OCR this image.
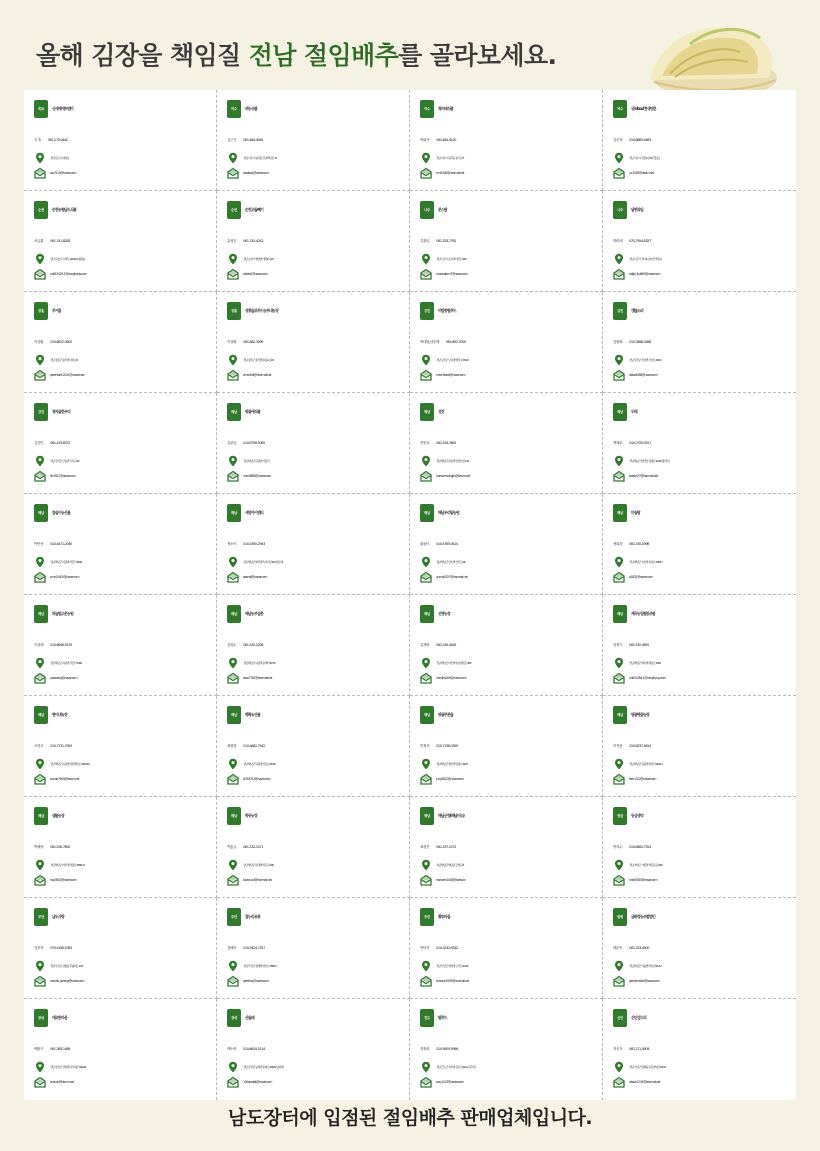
올해 김장을 책임질 전남 절임배추를 골라보세요.
목포	신세계에프앤비
공 홀 061-273-0442
전남 목포시 대양동
ssp7119@naver.com
여수	귀농식품
김근숙 061-644-4545
전남 여수시 돌산읍 강남해안로 31
aaafood@naver.com
여수	청미래식품
박희석 061-644-9100
전남 여수시 돌산읍 봉수길 5
cml9100@hanmail.net
여수	궁's food 천생연분
김순정 010-8665-4463
전남 여수시 만흥2길 9 (만흥동)
ys-4555@daum.net
순천	순천농협남도식품
조금훈 061-741-8283
전남 순천시 녹색로 1404-6 (대룡동)
nh615029-1@nonghyup.com
순천	순천고들빼기
유성진 061-745-4242
전남 순천시 별량면 개랭1길 23
sakda2@naver.com
나주	문스팜
김광일 061-333-7781
전남 나주시 동강면 대서길 116
moonsfarm7@naver.com
나주	달찐과일
박미례 070-7954-8327
전남 나주시 상야2길 7 (빛가람동)
daljjin_fruit89@naver.com
장흥	푸거름
이상환 010-6872-0902
전남 장흥군 용산면 덕암길 4
greenfarm2021@naver.com
장흥	장흥슬로푸드농부네농장
이상환 061-862-3999
전남 장흥군 용산면 원등1길 18
zmedical@hanmail.net
강진	미람종합푸드
박대엽,남우택 061-892-7000
전남 강진군 도암면 해강로 653-9
miramfood@naver.com
강진	갯뜰소리
김량희 010-3588-4588
전남 강진군 신전면 신전로 290-4
didwl4588@naver.com
강진	청자골한우리
김강민 061-433-6572
전남 강진군 군동면 시목길 25
klh7812@naver.com
해남	땅끝애식품
김관일 010-8756-5065
전남 해남군 북평면 서홍리
mjm0880@naver.com
해남	성진
안종옥 061-534-7661
전남 해남군 북일면 산골안길 141
haenamsungjin@daum.net
해남	두레
백재호 010-2755-9317
전남해남군 현산면 입체길 10-32 (황산리)
baekjh77@hanmail.net
해남	참살이농산물
박만선 010-4471-2040
전남 해남군 북평면 서홍리 1619
pms20400@naver.com
해남	세양아이엔티
정소이 010-5350-2943
전남 해남군 화산면 흑석리길 84 (석호리)
soimall@naver.com
해남	해남우리밀농원
황윤미 010-4765-9414
전남 해남군 산이면 진산길 18
yunmi1927@hanmail.net
해남	미실팜
정희경 061-535-0098
전남 해남군 옥천면 옥천로 290-17
p1832@naver.com
해남	하늘빛고운농원
이성배 010-6648-9219
전남 해남군 북평면 서홍리 1382
powoong@naver.com
해남	해남농부삼촌
김광수 061-532-2208
전남 해남군 북평면 동해리 973-9
soso7787@hanmail.net
해남	선영농장
김재영 061-534-4445
전남 해남군 마산면 원호맹진로 365
namiki1206@naver.com
해남	계곡농업협동조합
임정기 061-532-5891
전남 해남군 계곡면 해남로 1452
nh631084-1@nonghyup.com
해남	현이네농장
조현숙 010-7731-7955
전남 해남군 북평면 땅끝해안로 3283-12
bondo7955@daum.net
해남	행복농산물
최원영 010-4662-7542
전남 해남군 북평면 신용길 30-18
j5353332@naver.com
해남	땅끝푸른들
민정현 010-7138-0359
전남 해남군 황산면 명량로 2207
jung3622@naver.com
해남	땅끝햇살농장
이경용 010-6237-5614
전남 해남군 북평면 영전리 1102-1
leek1022@naver.com
해남	샘물농장
박혜정 061-535-7652
전남 해남군 마산면 명량로 2569-17
hsg7652@naver.com
해남	학동농장
박홍규 061-532-1471
전남 해남군 문내면 학동길 106
bluecucci@hanmail.net
해남	해남군청(해남미소)
최성진 061-537-1472
전남 해남군 해남읍 군청길 4
haenam1004@korea.kr
영암	동심생약
박지수 010-8462-7554
전남 영암군 시종면 백운동길 30-8
mkje3545@naver.com
무안	남도사랑
임종직 070-4156-5353
전남 무안군 삼향읍 후광대로 274
namdo_sarang@naver.com
무안	참누리유통
강혜욱 010-9424-7257
전남 무안군 청계면 영산로 1893-7
geekhw@naver.com
무안	황토마을
안덕진 010-3232-6332
전남 무안군 현경면 구산길 14-22
anssine1935@hanmail.net
함평	금화영농조합법인
배준모 061-323-4500
전남 함평군 신광면 학천길 95-12
gkdntmwkd@naver.com
장성	에코한마음
백완기 061-393-1489
전남 장성군 진원면 하서대로 344-18
ecohan@daum.net
장성	산들래
백소연 010-6610-5114
전남 장성군 동화면 동화로 496-9 (남평리)
100qoraltjs@naver.com
진도	팜푸드
허정화 010-5609-5956
전남 진도군 지산면 길은길 22-1 (길은리)
bory1023@naver.com
신안	신안섬드리
전진자 061-271-4904
전남 신안군 압해읍 송림양일길 53-22
wlswk1234@hanmail.net
남도장터에 입점된 절임배추 판매업체입니다.
